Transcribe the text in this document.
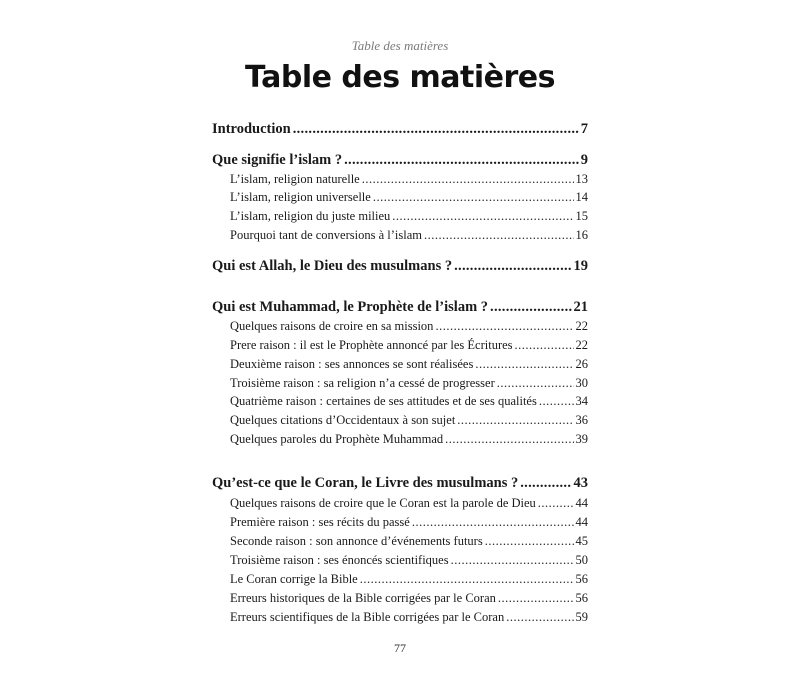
Table des matières
Table des matières
Introduction .....	7
Que signifie l’islam ? .....	9
L’islam, religion naturelle .....	13
L’islam, religion universelle .....	14
L’islam, religion du juste milieu .....	15
Pourquoi tant de conversions à l’islam .....	16
Qui est Allah, le Dieu des musulmans ? .....	19
Qui est Muhammad, le Prophète de l’islam ? .....	21
Quelques raisons de croire en sa mission .....	22
Prere raison : il est le Prophète annoncé par les Écritures .....	22
Deuxième raison : ses annonces se sont réalisées .....	26
Troisième raison : sa religion n’a cessé de progresser .....	30
Quatrième raison : certaines de ses attitudes et de ses qualités .....	34
Quelques citations d’Occidentaux à son sujet .....	36
Quelques paroles du Prophète Muhammad .....	39
Qu’est-ce que le Coran, le Livre des musulmans ? .....	43
Quelques raisons de croire que le Coran est la parole de Dieu .....	44
Première raison : ses récits du passé .....	44
Seconde raison : son annonce d’événements futurs .....	45
Troisième raison : ses énoncés scientifiques .....	50
Le Coran corrige la Bible .....	56
Erreurs historiques de la Bible corrigées par le Coran .....	56
Erreurs scientifiques de la Bible corrigées par le Coran .....	59
77
